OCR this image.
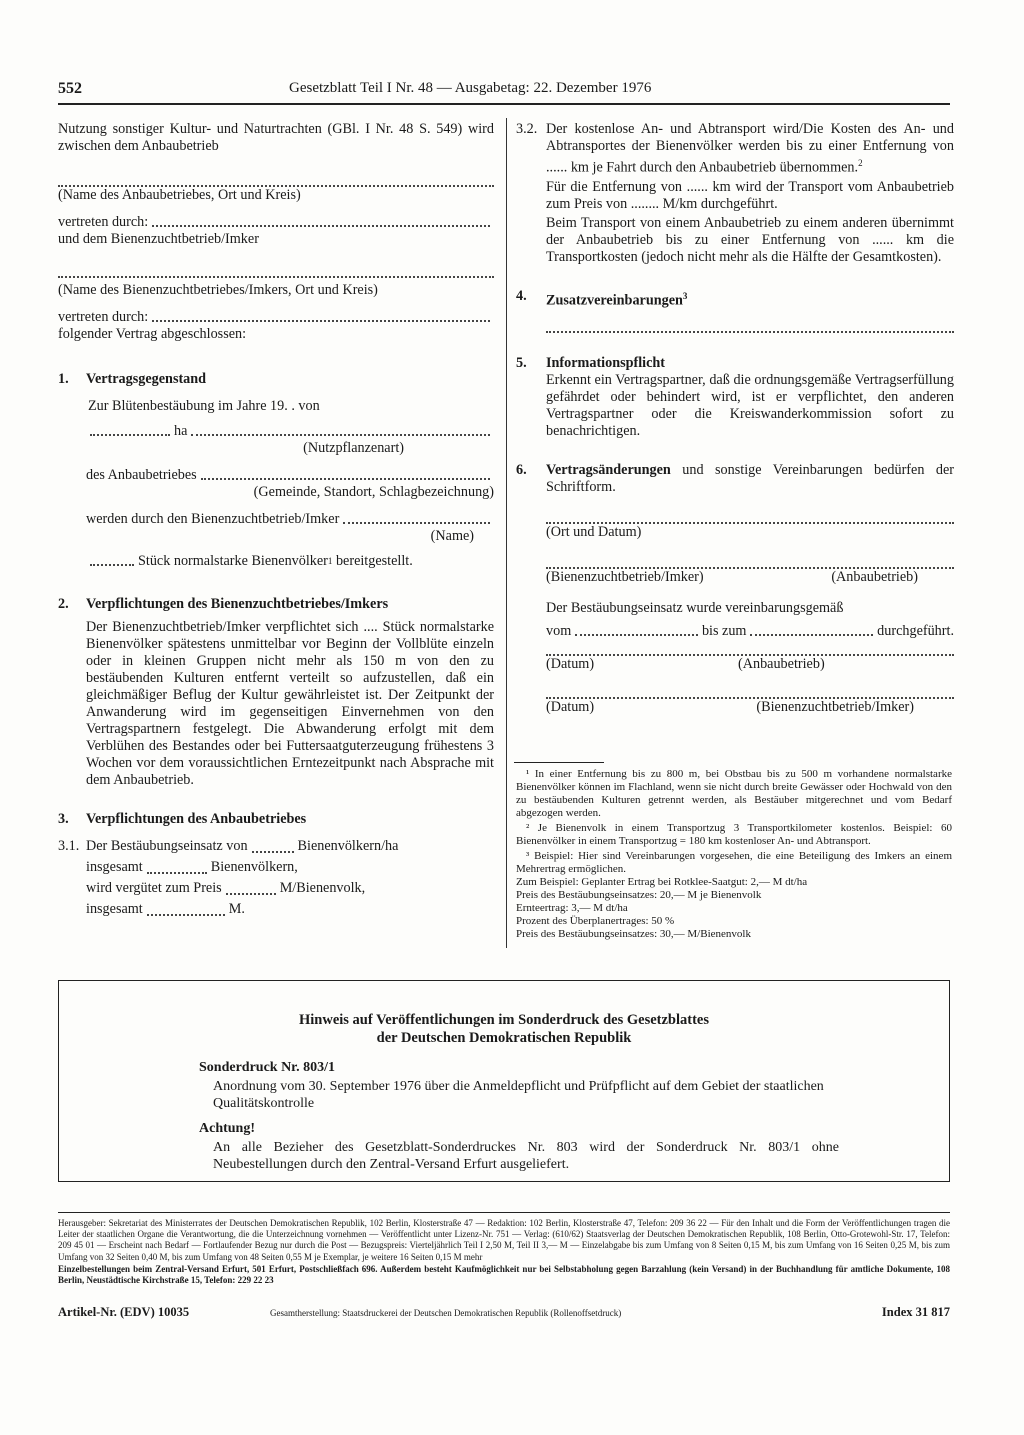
552	Gesetzblatt Teil I Nr. 48 — Ausgabetag: 22. Dezember 1976

Nutzung sonstiger Kultur- und Naturtrachten (GBl. I Nr. 48 S. 549) wird zwischen dem Anbaubetrieb

(Name des Anbaubetriebes, Ort und Kreis)
vertreten durch:
und dem Bienenzuchtbetrieb/Imker
(Name des Bienenzuchtbetriebes/Imkers, Ort und Kreis)
vertreten durch:
folgender Vertrag abgeschlossen:
1. Vertragsgegenstand
Zur Blütenbestäubung im Jahre 19. . von
ha
(Nutzpflanzenart)
des Anbaubetriebes
(Gemeinde, Standort, Schlagbezeichnung)
werden durch den Bienenzuchtbetrieb/Imker
(Name)
Stück normalstarke Bienenvölker 1
bereitgestellt.
2. Verpflichtungen des Bienenzuchtbetriebes/Imkers

Der Bienenzuchtbetrieb/Imker verpflichtet sich .... Stück normalstarke Bienenvölker spätestens unmittelbar vor Beginn der Vollblüte einzeln oder in kleinen Gruppen nicht mehr als 150 m von den zu bestäubenden Kulturen entfernt verteilt so aufzustellen, daß ein gleichmäßiger Beflug der Kultur gewährleistet ist. Der Zeitpunkt der Anwanderung wird im gegenseitigen Einvernehmen von den Vertragspartnern festgelegt. Die Abwanderung erfolgt mit dem Verblühen des Bestandes oder bei Futtersaatguterzeugung frühestens 3 Wochen vor dem voraussichtlichen Erntezeitpunkt nach Absprache mit dem Anbaubetrieb.

3. Verpflichtungen des Anbaubetriebes
3.1. Der Bestäubungseinsatz von	Bienenvölkern/ha
insgesamt	Bienenvölkern,
wird vergütet zum Preis	M/Bienenvolk,
insgesamt	M.
3.2. Der kostenlose An- und Abtransport wird/Die Kosten des An- und Abtransportes der Bienenvölker werden bis zu einer Entfernung von ...... km je Fahrt durch den Anbaubetrieb übernommen.$^2$

Für die Entfernung von ...... km wird der Transport vom Anbaubetrieb zum Preis von ........ M/km durchgeführt.

Beim Transport von einem Anbaubetrieb zu einem anderen übernimmt der Anbaubetrieb bis zu einer Entfernung von ...... km die Transportkosten (jedoch nicht mehr als die Hälfte der Gesamtkosten).

4. Zusatzvereinbarungen$^3$
5. Informationspflicht

Erkennt ein Vertragspartner, daß die ordnungsgemäße Vertragserfüllung gefährdet oder behindert wird, ist er verpflichtet, den anderen Vertragspartner oder die Kreiswanderkommission sofort zu benachrichtigen.

6. Vertragsänderungen und sonstige Vereinbarungen bedürfen der Schriftform.
(Ort und Datum)
(Bienenzuchtbetrieb/Imker)	(Anbaubetrieb)
Der Bestäubungseinsatz wurde vereinbarungsgemäß
vom	bis zum	durchgeführt.
(Datum)	(Anbaubetrieb)
(Datum)	(Bienenzuchtbetrieb/Imker)

¹ In einer Entfernung bis zu 800 m, bei Obstbau bis zu 500 m vorhandene normalstarke Bienenvölker können im Flachland, wenn sie nicht durch breite Gewässer oder Hochwald von den zu bestäubenden Kulturen getrennt werden, als Bestäuber mitgerechnet und vom Bedarf abgezogen werden.

² Je Bienenvolk in einem Transportzug 3 Transportkilometer kostenlos. Beispiel: 60 Bienenvölker in einem Transportzug = 180 km kostenloser An- und Abtransport.

³ Beispiel: Hier sind Vereinbarungen vorgesehen, die eine Beteiligung des Imkers an einem Mehrertrag ermöglichen.

Zum Beispiel: Geplanter Ertrag bei Rotklee-Saatgut: 2,— M dt/ha
Preis des Bestäubungseinsatzes: 20,— M je Bienenvolk
Ernteertrag: 3,— M dt/ha
Prozent des Überplanertrages: 50 %
Preis des Bestäubungseinsatzes: 30,— M/Bienenvolk
Hinweis auf Veröffentlichungen im Sonderdruck des Gesetzblattes
der Deutschen Demokratischen Republik
Sonderdruck Nr. 803/1

Anordnung vom 30. September 1976 über die Anmeldepflicht und Prüfpflicht auf dem Gebiet der staatlichen Qualitätskontrolle

Achtung!

An alle Bezieher des Gesetzblatt-Sonderdruckes Nr. 803 wird der Sonderdruck Nr. 803/1 ohne Neubestellungen durch den Zentral-Versand Erfurt ausgeliefert.

Herausgeber: Sekretariat des Ministerrates der Deutschen Demokratischen Republik, 102 Berlin, Klosterstraße 47 — Redaktion: 102 Berlin, Klosterstraße 47, Telefon: 209 36 22 — Für den Inhalt und die Form der Veröffentlichungen tragen die Leiter der staatlichen Organe die Verantwortung, die die Unterzeichnung vornehmen — Veröffentlicht unter Lizenz-Nr. 751 — Verlag: (610/62) Staatsverlag der Deutschen Demokratischen Republik, 108 Berlin, Otto-Grotewohl-Str. 17, Telefon: 209 45 01 — Erscheint nach Bedarf — Fortlaufender Bezug nur durch die Post — Bezugspreis: Vierteljährlich Teil I 2,50 M, Teil II 3,— M — Einzelabgabe bis zum Umfang von 8 Seiten 0,15 M, bis zum Umfang von 16 Seiten 0,25 M, bis zum Umfang von 32 Seiten 0,40 M, bis zum Umfang von 48 Seiten 0,55 M je Exemplar, je weitere 16 Seiten 0,15 M mehr
Einzelbestellungen beim Zentral-Versand Erfurt, 501 Erfurt, Postschließfach 696. Außerdem besteht Kaufmöglichkeit nur bei Selbstabholung gegen Barzahlung (kein Versand) in der Buchhandlung für amtliche Dokumente, 108 Berlin, Neustädtische Kirchstraße 15, Telefon: 229 22 23
Artikel-Nr. (EDV) 10035	Gesamtherstellung: Staatsdruckerei der Deutschen Demokratischen Republik (Rollenoffsetdruck)	Index 31 817
